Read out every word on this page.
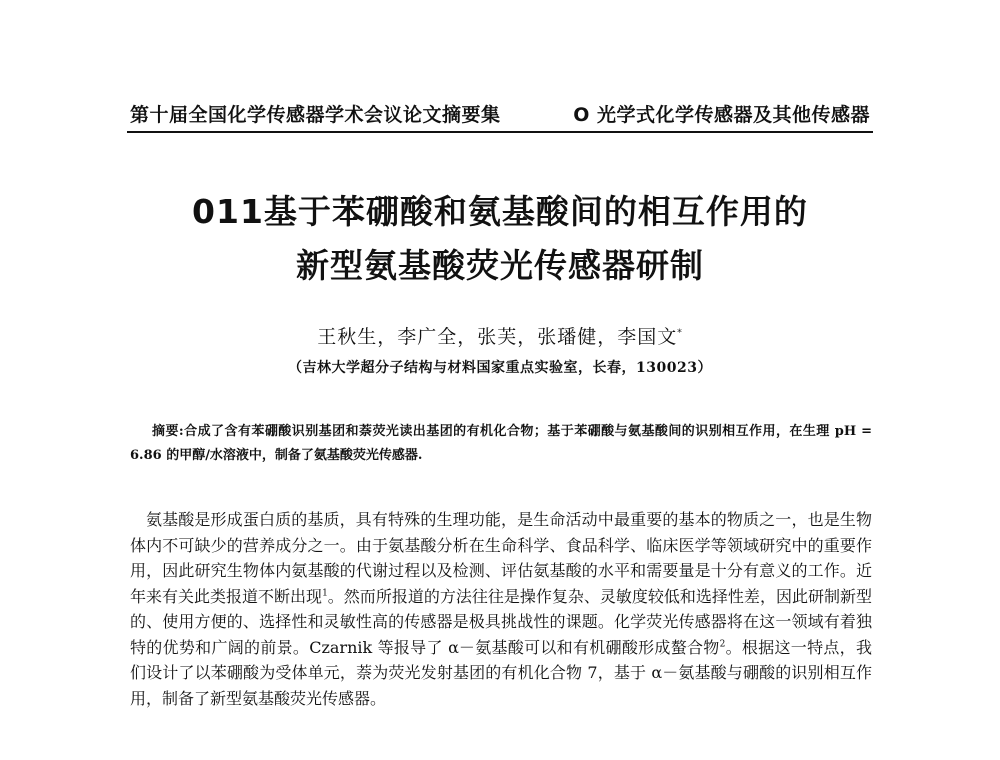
第十届全国化学传感器学术会议论文摘要集	O 光学式化学传感器及其他传感器
011基于苯硼酸和氨基酸间的相互作用的
新型氨基酸荧光传感器研制
王秋生，李广全，张芙，张璠健，李国文*
（吉林大学超分子结构与材料国家重点实验室，长春，130023）
摘要:合成了含有苯硼酸识别基团和萘荧光读出基团的有机化合物；基于苯硼酸与氨基酸间的识别相互作用，在生理 pH = 6.86 的甲醇/水溶液中，制备了氨基酸荧光传感器.
氨基酸是形成蛋白质的基质，具有特殊的生理功能，是生命活动中最重要的基本的物质之一，也是生物体内不可缺少的营养成分之一。由于氨基酸分析在生命科学、食品科学、临床医学等领域研究中的重要作用，因此研究生物体内氨基酸的代谢过程以及检测、评估氨基酸的水平和需要量是十分有意义的工作。近年来有关此类报道不断出现$^1$。然而所报道的方法往往是操作复杂、灵敏度较低和选择性差，因此研制新型的、使用方便的、选择性和灵敏性高的传感器是极具挑战性的课题。化学荧光传感器将在这一领域有着独特的优势和广阔的前景。Czarnik 等报导了 α－氨基酸可以和有机硼酸形成螯合物$^2$。根据这一特点，我们设计了以苯硼酸为受体单元，萘为荧光发射基团的有机化合物 7，基于 α－氨基酸与硼酸的识别相互作用，制备了新型氨基酸荧光传感器。
